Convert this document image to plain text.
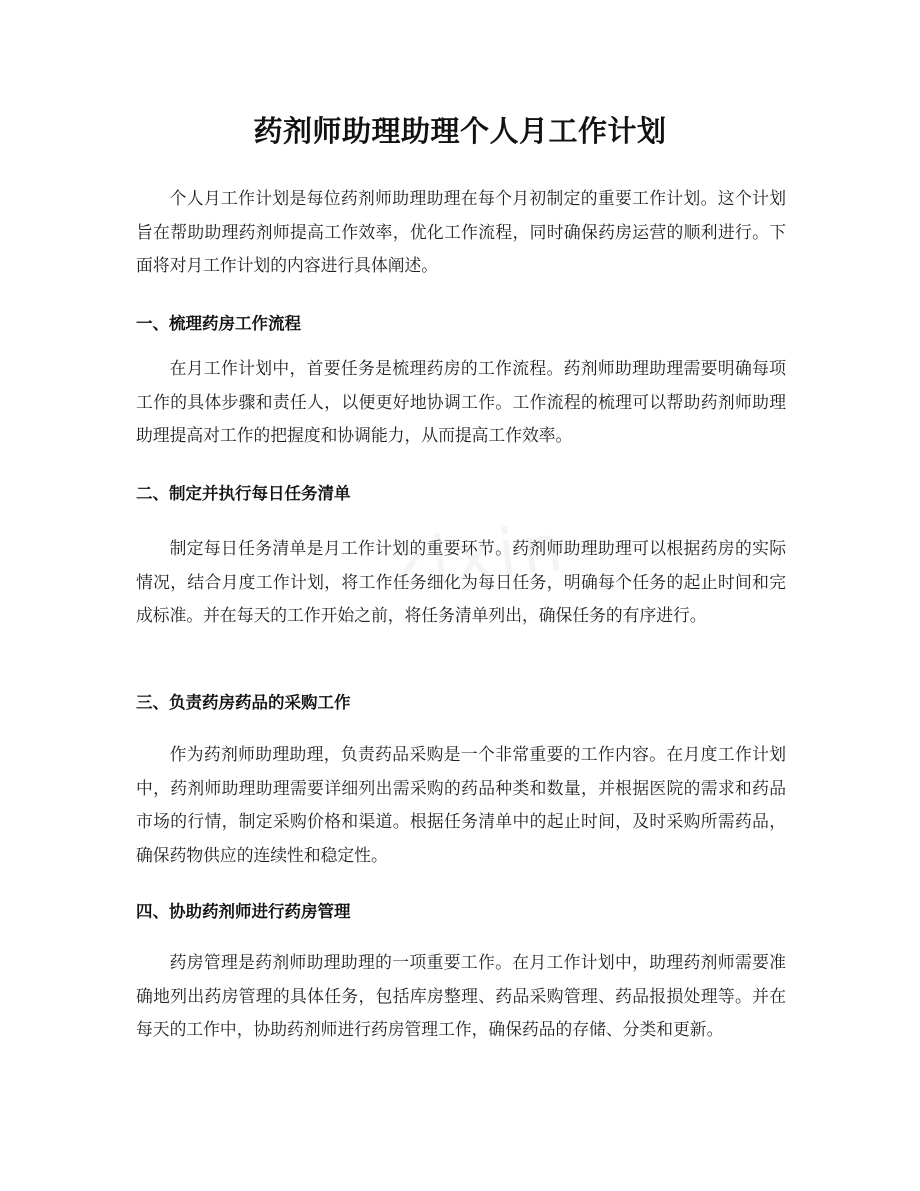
药剂师助理助理个人月工作计划

个人月工作计划是每位药剂师助理助理在每个月初制定的重要工作计划。这个计划旨在帮助助理药剂师提高工作效率，优化工作流程，同时确保药房运营的顺利进行。下面将对月工作计划的内容进行具体阐述。

一、梳理药房工作流程

在月工作计划中，首要任务是梳理药房的工作流程。药剂师助理助理需要明确每项工作的具体步骤和责任人，以便更好地协调工作。工作流程的梳理可以帮助药剂师助理助理提高对工作的把握度和协调能力，从而提高工作效率。

二、制定并执行每日任务清单

制定每日任务清单是月工作计划的重要环节。药剂师助理助理可以根据药房的实际情况，结合月度工作计划，将工作任务细化为每日任务，明确每个任务的起止时间和完成标准。并在每天的工作开始之前，将任务清单列出，确保任务的有序进行。

三、负责药房药品的采购工作

作为药剂师助理助理，负责药品采购是一个非常重要的工作内容。在月度工作计划中，药剂师助理助理需要详细列出需采购的药品种类和数量，并根据医院的需求和药品市场的行情，制定采购价格和渠道。根据任务清单中的起止时间，及时采购所需药品，确保药物供应的连续性和稳定性。

四、协助药剂师进行药房管理

药房管理是药剂师助理助理的一项重要工作。在月工作计划中，助理药剂师需要准确地列出药房管理的具体任务，包括库房整理、药品采购管理、药品报损处理等。并在每天的工作中，协助药剂师进行药房管理工作，确保药品的存储、分类和更新。

zixin
